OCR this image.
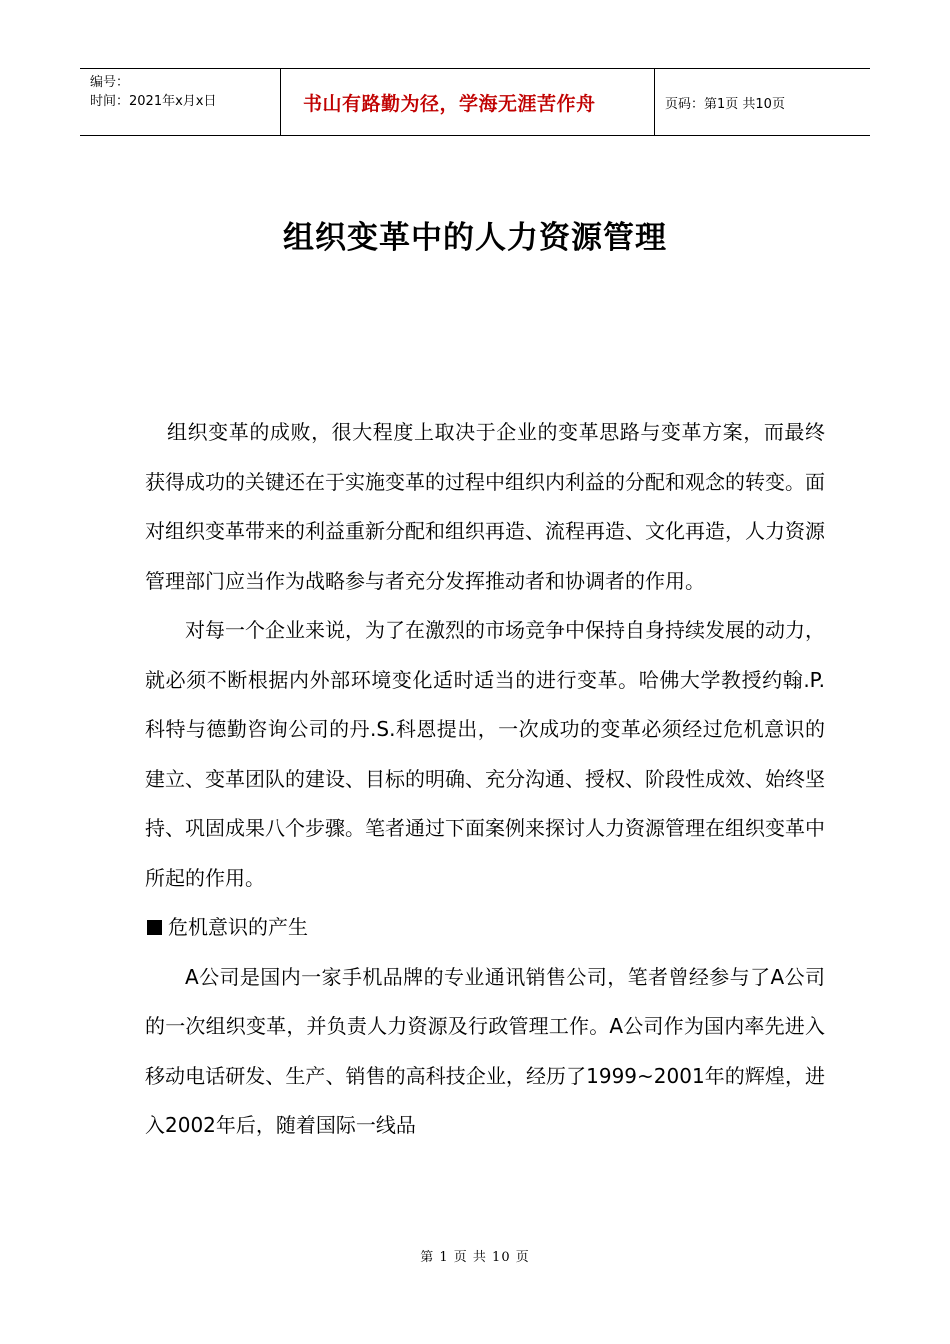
编号：
时间：2021年x月x日	书山有路勤为径，学海无涯苦作舟	页码：第1页 共10页
组织变革中的人力资源管理

组织变革的成败，很大程度上取决于企业的变革思路与变革方案，而最终获得成功的关键还在于实施变革的过程中组织内利益的分配和观念的转变。面对组织变革带来的利益重新分配和组织再造、流程再造、文化再造，人力资源管理部门应当作为战略参与者充分发挥推动者和协调者的作用。

对每一个企业来说，为了在激烈的市场竞争中保持自身持续发展的动力，就必须不断根据内外部环境变化适时适当的进行变革。哈佛大学教授约翰.P.科特与德勤咨询公司的丹.S.科恩提出，一次成功的变革必须经过危机意识的建立、变革团队的建设、目标的明确、充分沟通、授权、阶段性成效、始终坚持、巩固成果八个步骤。笔者通过下面案例来探讨人力资源管理在组织变革中所起的作用。

危机意识的产生

A公司是国内一家手机品牌的专业通讯销售公司，笔者曾经参与了A公司的一次组织变革，并负责人力资源及行政管理工作。A公司作为国内率先进入移动电话研发、生产、销售的高科技企业，经历了1999~2001年的辉煌，进入2002年后，随着国际一线品

第 1 页 共 10 页
